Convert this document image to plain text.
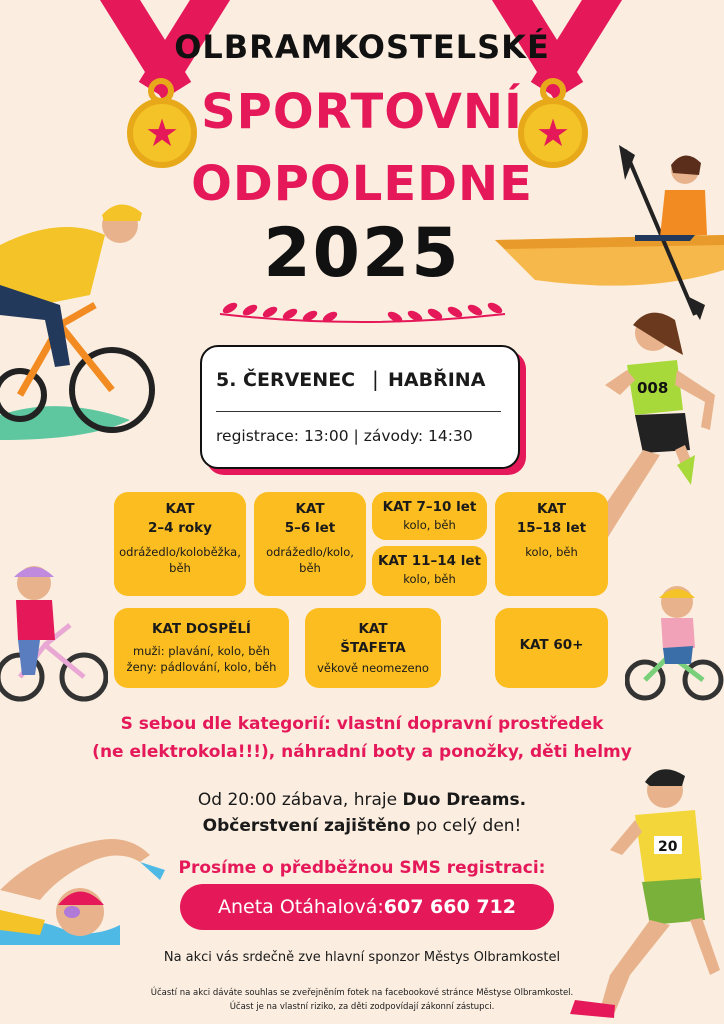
★	★
OLBRAMKOSTELSKÉ
SPORTOVNÍ
ODPOLEDNE
2025
5. ČERVENEC | HABŘINA
registrace: 13:00 | závody: 14:30
008
KAT
2–4 roky
odrážedlo/koloběžka,
běh
KAT
5–6 let
odrážedlo/kolo,
běh
KAT 7–10 let
kolo, běh
KAT 11–14 let
kolo, běh
KAT
15–18 let
kolo, běh
KAT DOSPĚLÍ
muži: plavání, kolo, běh
ženy: pádlování, kolo, běh
KAT
ŠTAFETA
věkově neomezeno
KAT 60+
S sebou dle kategorií: vlastní dopravní prostředek
(ne elektrokola!!!), náhradní boty a ponožky, děti helmy
Od 20:00 zábava, hraje Duo Dreams.
Občerstvení zajištěno po celý den!
Prosíme o předběžnou SMS registraci:
Aneta Otáhalová: 607 660 712
20
Na akci vás srdečně zve hlavní sponzor Městys Olbramkostel
Účastí na akci dáváte souhlas se zveřejněním fotek na facebookové stránce Městyse Olbramkostel.
Účast je na vlastní riziko, za děti zodpovídají zákonní zástupci.
